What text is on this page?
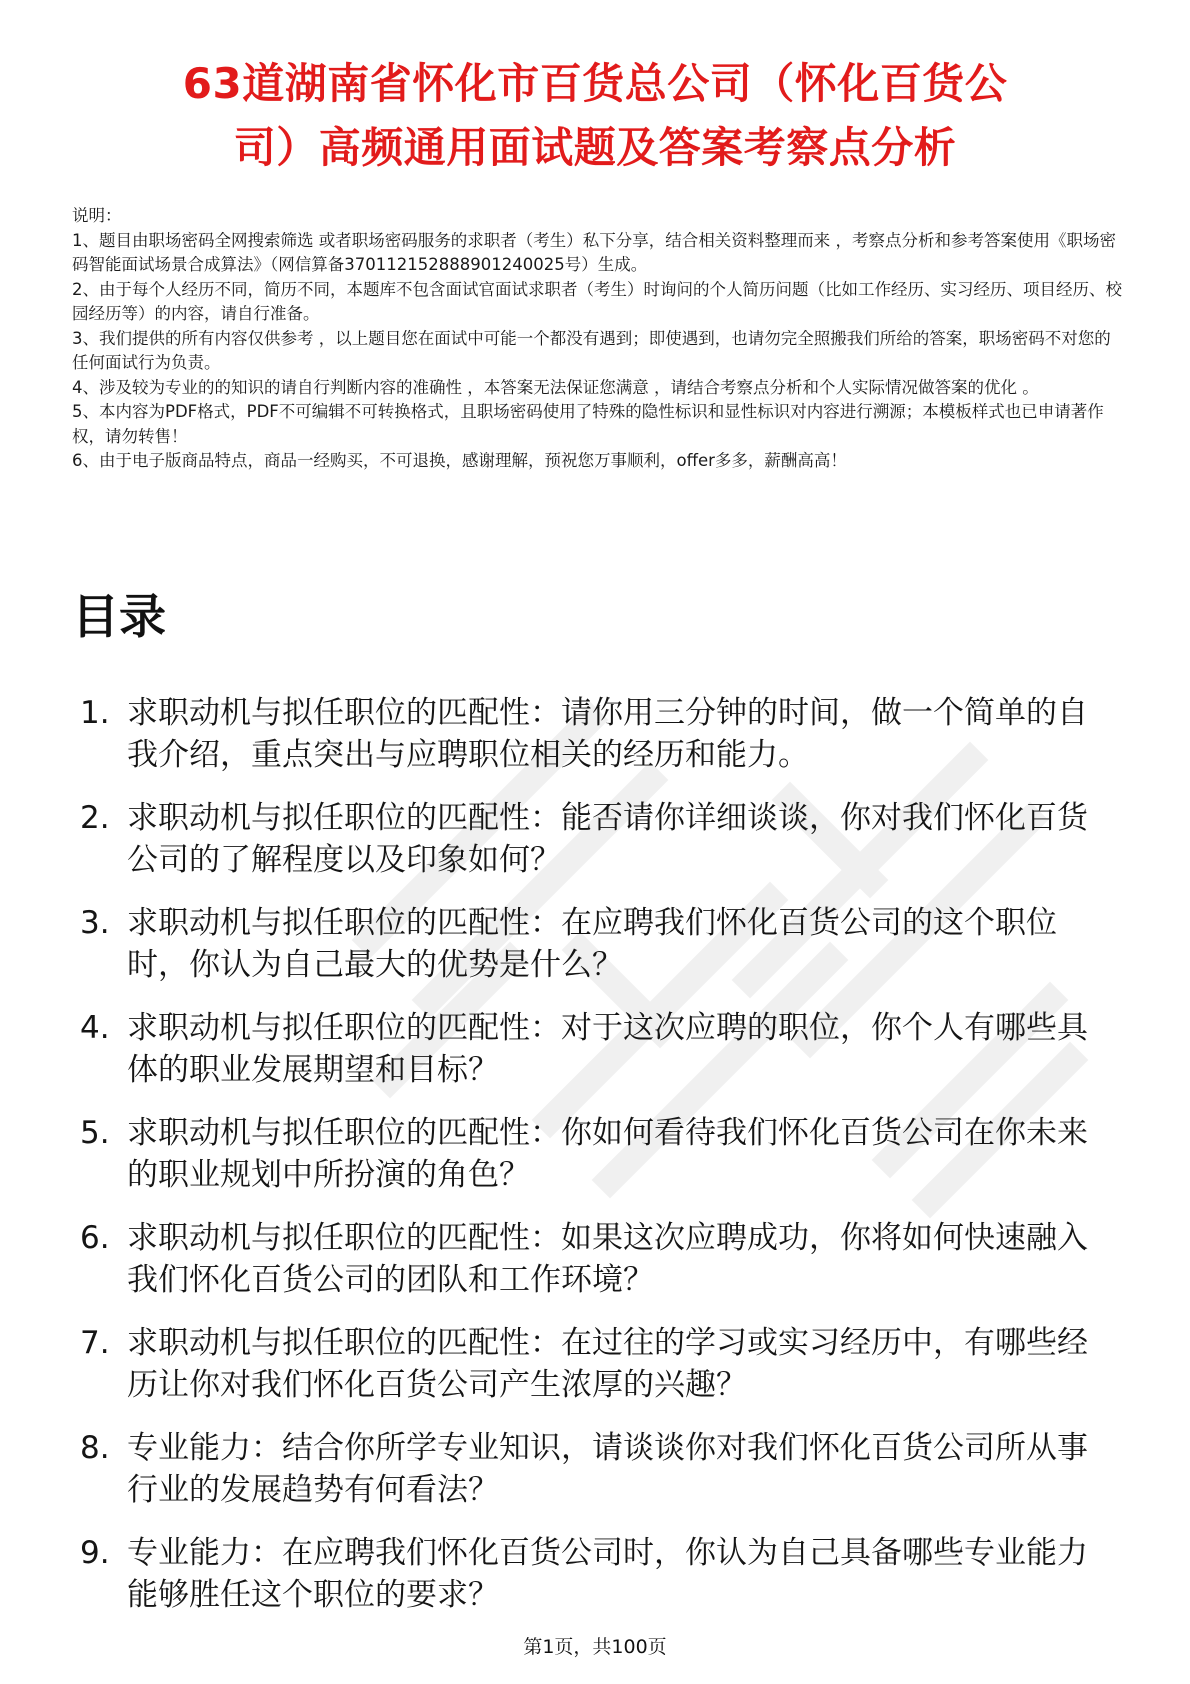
63道湖南省怀化市百货总公司（怀化百货公
司）高频通用面试题及答案考察点分析

说明：

1、题目由职场密码全网搜索筛选 或者职场密码服务的求职者（考生）私下分享，结合相关资料整理而来 ，考察点分析和参考答案使用《职场密码智能面试场景合成算法》（网信算备370112152888901240025号）生成。

2、由于每个人经历不同，简历不同，本题库不包含面试官面试求职者（考生）时询问的个人简历问题（比如工作经历、实习经历、项目经历、校园经历等）的内容，请自行准备。

3、我们提供的所有内容仅供参考 ，以上题目您在面试中可能一个都没有遇到；即使遇到，也请勿完全照搬我们所给的答案，职场密码不对您的任何面试行为负责。

4、涉及较为专业的的知识的请自行判断内容的准确性 ，本答案无法保证您满意 ，请结合考察点分析和个人实际情况做答案的优化 。

5、本内容为PDF格式，PDF不可编辑不可转换格式，且职场密码使用了特殊的隐性标识和显性标识对内容进行溯源；本模板样式也已申请著作权，请勿转售！

6、由于电子版商品特点，商品一经购买，不可退换，感谢理解，预祝您万事顺利，offer多多，薪酬高高！

目录
1. 求职动机与拟任职位的匹配性：请你用三分钟的时间，做一个简单的自我介绍，重点突出与应聘职位相关的经历和能力。
2. 求职动机与拟任职位的匹配性：能否请你详细谈谈，你对我们怀化百货公司的了解程度以及印象如何？
3. 求职动机与拟任职位的匹配性：在应聘我们怀化百货公司的这个职位时，你认为自己最大的优势是什么？
4. 求职动机与拟任职位的匹配性：对于这次应聘的职位，你个人有哪些具体的职业发展期望和目标？
5. 求职动机与拟任职位的匹配性：你如何看待我们怀化百货公司在你未来的职业规划中所扮演的角色？
6. 求职动机与拟任职位的匹配性：如果这次应聘成功，你将如何快速融入我们怀化百货公司的团队和工作环境？
7. 求职动机与拟任职位的匹配性：在过往的学习或实习经历中，有哪些经历让你对我们怀化百货公司产生浓厚的兴趣？
8. 专业能力：结合你所学专业知识，请谈谈你对我们怀化百货公司所从事行业的发展趋势有何看法？
9. 专业能力：在应聘我们怀化百货公司时，你认为自己具备哪些专业能力能够胜任这个职位的要求？
第1页，共100页
